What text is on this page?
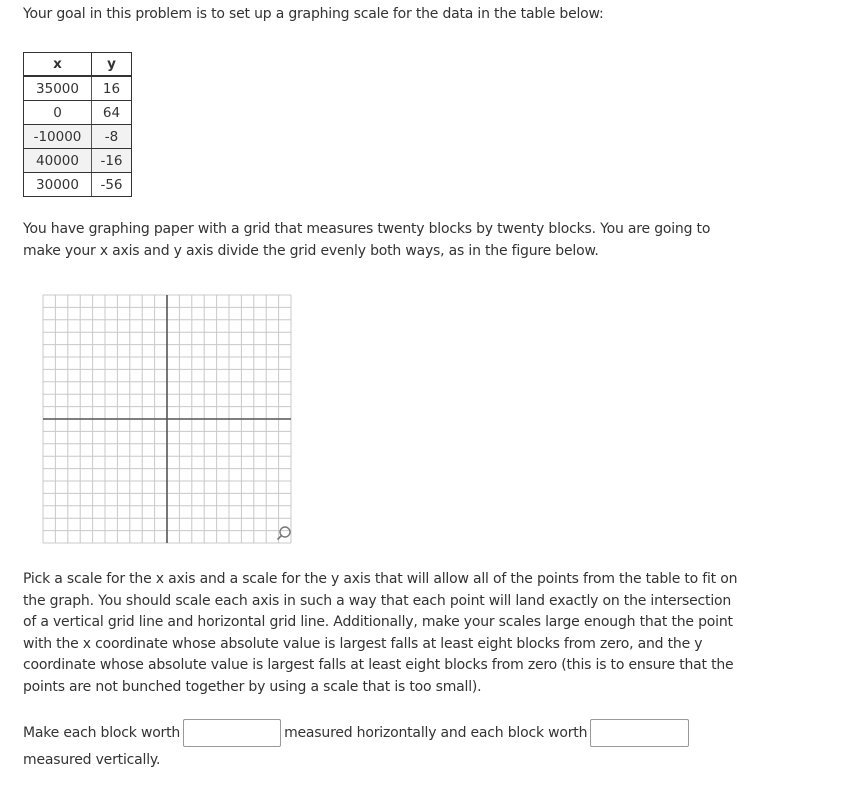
Your goal in this problem is to set up a graphing scale for the data in the table below:

x	y
35000	16
0	64
-10000	-8
40000	-16
30000	-56

You have graphing paper with a grid that measures twenty blocks by twenty blocks. You are going to make your x axis and y axis divide the grid evenly both ways, as in the figure below.

Pick a scale for the x axis and a scale for the y axis that will allow all of the points from the table to fit on the graph. You should scale each axis in such a way that each point will land exactly on the intersection of a vertical grid line and horizontal grid line. Additionally, make your scales large enough that the point with the x coordinate whose absolute value is largest falls at least eight blocks from zero, and the y coordinate whose absolute value is largest falls at least eight blocks from zero (this is to ensure that the points are not bunched together by using a scale that is too small).

Make each block worth	measured horizontally and each block worth
measured vertically.
